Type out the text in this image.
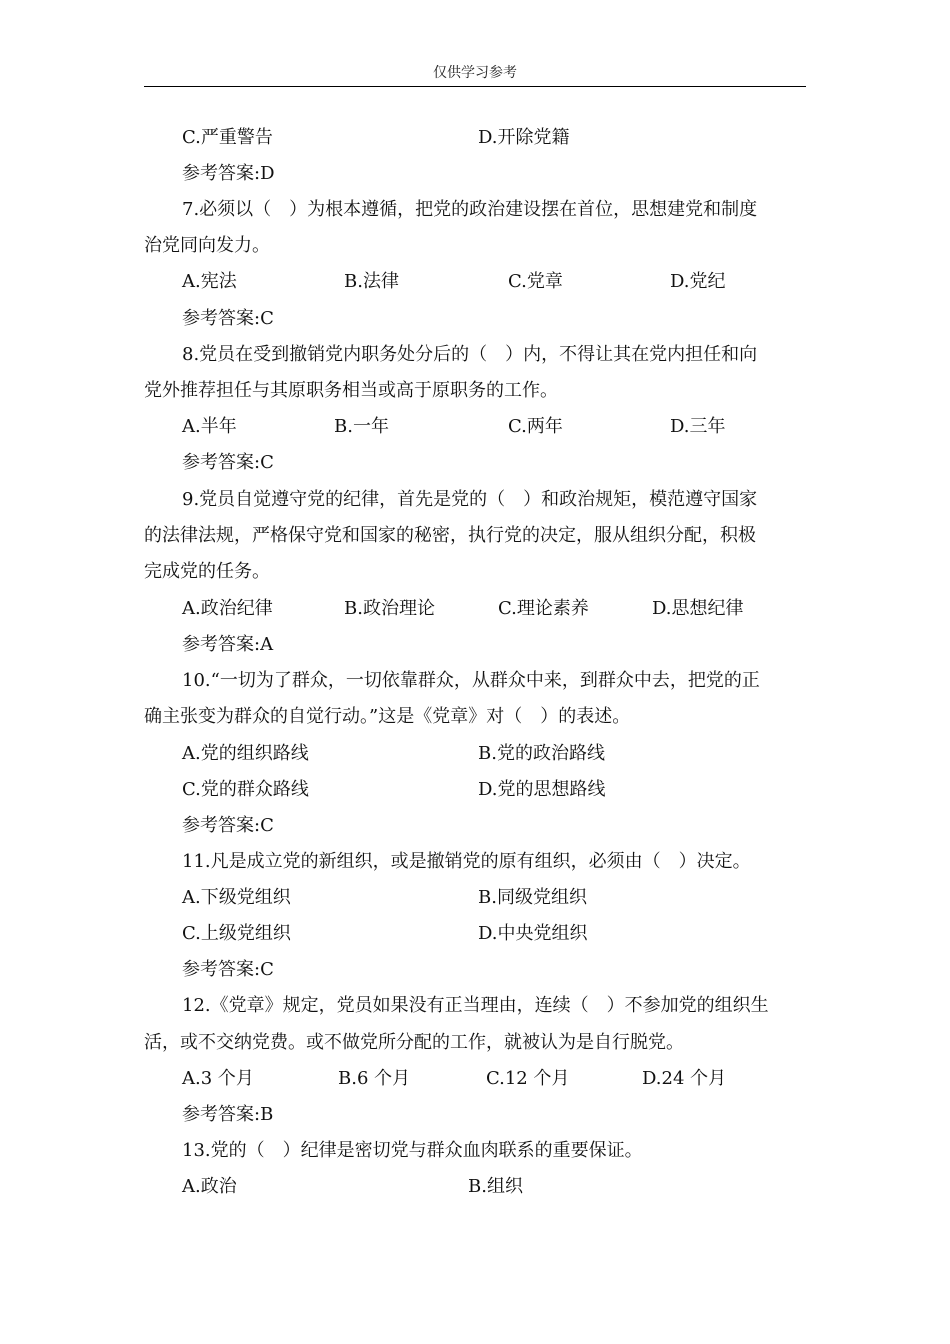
仅供学习参考
C.严重警告	D.开除党籍
参考答案:D
7.必须以（　）为根本遵循，把党的政治建设摆在首位，思想建党和制度
治党同向发力。
A.宪法	B.法律	C.党章	D.党纪
参考答案:C
8.党员在受到撤销党内职务处分后的（　）内，不得让其在党内担任和向
党外推荐担任与其原职务相当或高于原职务的工作。
A.半年	B.一年	C.两年	D.三年
参考答案:C
9.党员自觉遵守党的纪律，首先是党的（　）和政治规矩，模范遵守国家
的法律法规，严格保守党和国家的秘密，执行党的决定，服从组织分配，积极
完成党的任务。
A.政治纪律	B.政治理论	C.理论素养	D.思想纪律
参考答案:A
10.“一切为了群众，一切依靠群众，从群众中来，到群众中去，把党的正
确主张变为群众的自觉行动。”这是《党章》对（　）的表述。
A.党的组织路线	B.党的政治路线
C.党的群众路线	D.党的思想路线
参考答案:C
11.凡是成立党的新组织，或是撤销党的原有组织，必须由（　）决定。
A.下级党组织	B.同级党组织
C.上级党组织	D.中央党组织
参考答案:C
12.《党章》规定，党员如果没有正当理由，连续（　）不参加党的组织生
活，或不交纳党费。或不做党所分配的工作，就被认为是自行脱党。
A.3 个月	B.6 个月	C.12 个月	D.24 个月
参考答案:B
13.党的（　）纪律是密切党与群众血肉联系的重要保证。
A.政治	B.组织
